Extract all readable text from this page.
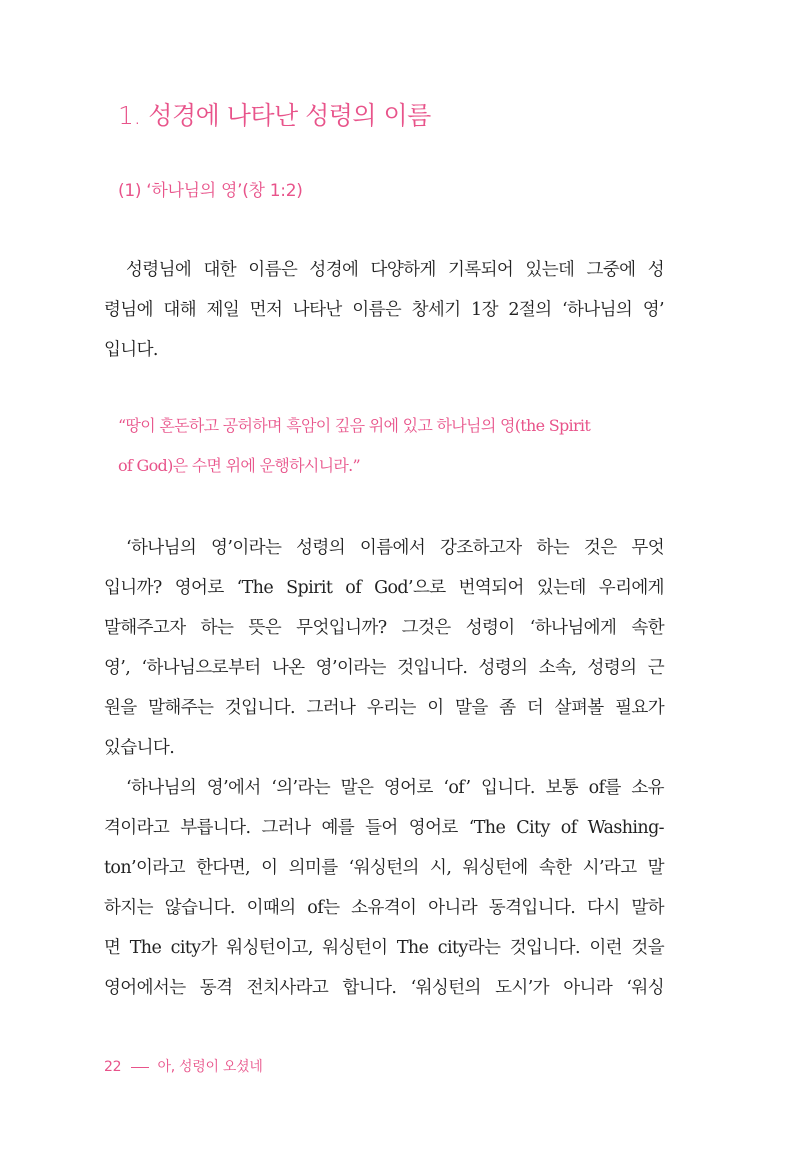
1. 성경에 나타난 성령의 이름
(1) ‘하나님의 영’(창 1:2)

성령님에 대한 이름은 성경에 다양하게 기록되어 있는데 그중에 성
령님에 대해 제일 먼저 나타난 이름은 창세기 1장 2절의 ‘하나님의 영’
입니다.

“땅이 혼돈하고 공허하며 흑암이 깊음 위에 있고 하나님의 영(the Spirit
of God)은 수면 위에 운행하시니라.”

‘하나님의 영’이라는 성령의 이름에서 강조하고자 하는 것은 무엇
입니까? 영어로 ‘The Spirit of God’으로 번역되어 있는데 우리에게
말해주고자 하는 뜻은 무엇입니까? 그것은 성령이 ‘하나님에게 속한
영’, ‘하나님으로부터 나온 영’이라는 것입니다. 성령의 소속, 성령의 근
원을 말해주는 것입니다. 그러나 우리는 이 말을 좀 더 살펴볼 필요가
있습니다.

‘하나님의 영’에서 ‘의’라는 말은 영어로 ‘of’ 입니다. 보통 of를 소유
격이라고 부릅니다. 그러나 예를 들어 영어로 ‘The City of Washing-
ton’이라고 한다면, 이 의미를 ‘워싱턴의 시, 워싱턴에 속한 시’라고 말
하지는 않습니다. 이때의 of는 소유격이 아니라 동격입니다. 다시 말하
면 The city가 워싱턴이고, 워싱턴이 The city라는 것입니다. 이런 것을
영어에서는 동격 전치사라고 합니다. ‘워싱턴의 도시’가 아니라 ‘워싱

22	아, 성령이 오셨네
